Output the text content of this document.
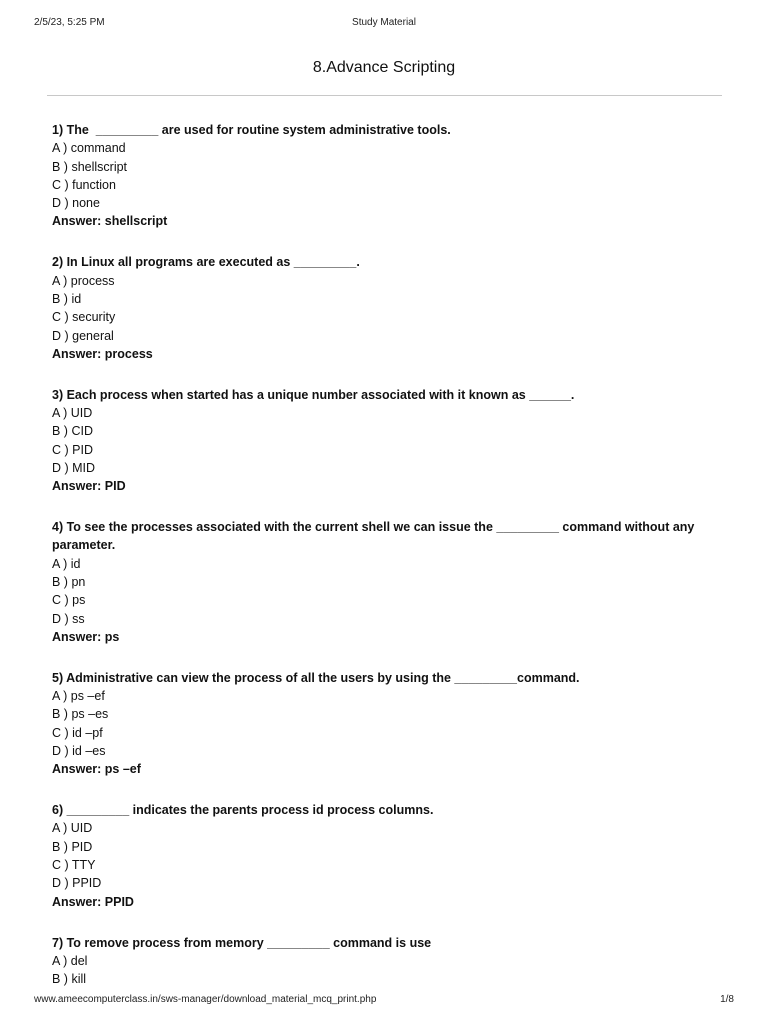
2/5/23, 5:25 PM	Study Material
8.Advance Scripting
1) The  _________ are used for routine system administrative tools.
A ) command
B ) shellscript
C ) function
D ) none
Answer: shellscript
2) In Linux all programs are executed as _________.
A ) process
B ) id
C ) security
D ) general
Answer: process
3) Each process when started has a unique number associated with it known as ______.
A ) UID
B ) CID
C ) PID
D ) MID
Answer: PID
4) To see the processes associated with the current shell we can issue the _________ command without any parameter.
A ) id
B ) pn
C ) ps
D ) ss
Answer: ps
5) Administrative can view the process of all the users by using the _________command.
A ) ps –ef
B ) ps –es
C ) id –pf
D ) id –es
Answer: ps –ef
6) _________ indicates the parents process id process columns.
A ) UID
B ) PID
C ) TTY
D ) PPID
Answer: PPID
7) To remove process from memory _________ command is use
A ) del
B ) kill
www.ameecomputerclass.in/sws-manager/download_material_mcq_print.php	1/8
